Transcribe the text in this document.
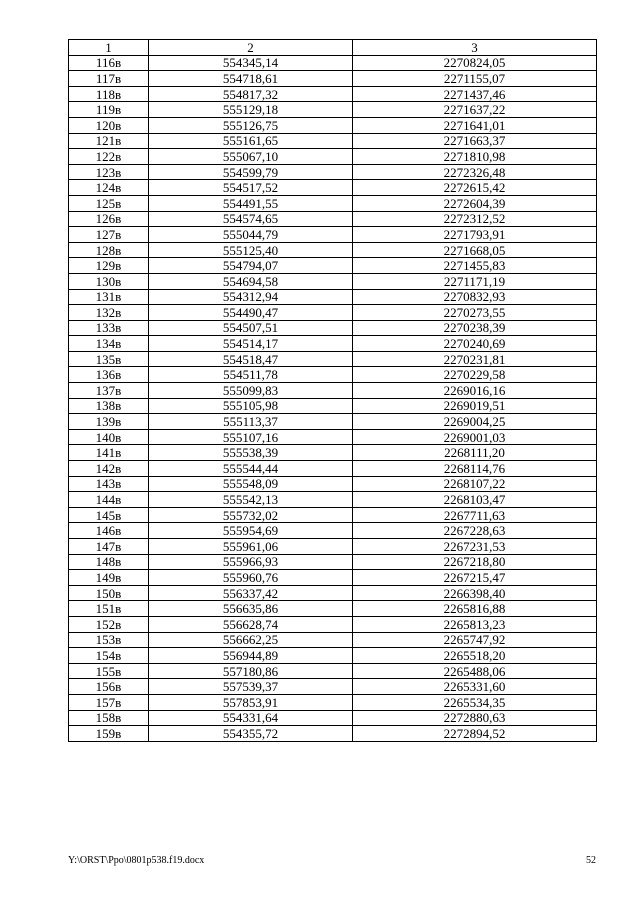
1	2	3
116в	554345,14	2270824,05
117в	554718,61	2271155,07
118в	554817,32	2271437,46
119в	555129,18	2271637,22
120в	555126,75	2271641,01
121в	555161,65	2271663,37
122в	555067,10	2271810,98
123в	554599,79	2272326,48
124в	554517,52	2272615,42
125в	554491,55	2272604,39
126в	554574,65	2272312,52
127в	555044,79	2271793,91
128в	555125,40	2271668,05
129в	554794,07	2271455,83
130в	554694,58	2271171,19
131в	554312,94	2270832,93
132в	554490,47	2270273,55
133в	554507,51	2270238,39
134в	554514,17	2270240,69
135в	554518,47	2270231,81
136в	554511,78	2270229,58
137в	555099,83	2269016,16
138в	555105,98	2269019,51
139в	555113,37	2269004,25
140в	555107,16	2269001,03
141в	555538,39	2268111,20
142в	555544,44	2268114,76
143в	555548,09	2268107,22
144в	555542,13	2268103,47
145в	555732,02	2267711,63
146в	555954,69	2267228,63
147в	555961,06	2267231,53
148в	555966,93	2267218,80
149в	555960,76	2267215,47
150в	556337,42	2266398,40
151в	556635,86	2265816,88
152в	556628,74	2265813,23
153в	556662,25	2265747,92
154в	556944,89	2265518,20
155в	557180,86	2265488,06
156в	557539,37	2265331,60
157в	557853,91	2265534,35
158в	554331,64	2272880,63
159в	554355,72	2272894,52
Y:\ORST\Ppo\0801p538.f19.docx	52
